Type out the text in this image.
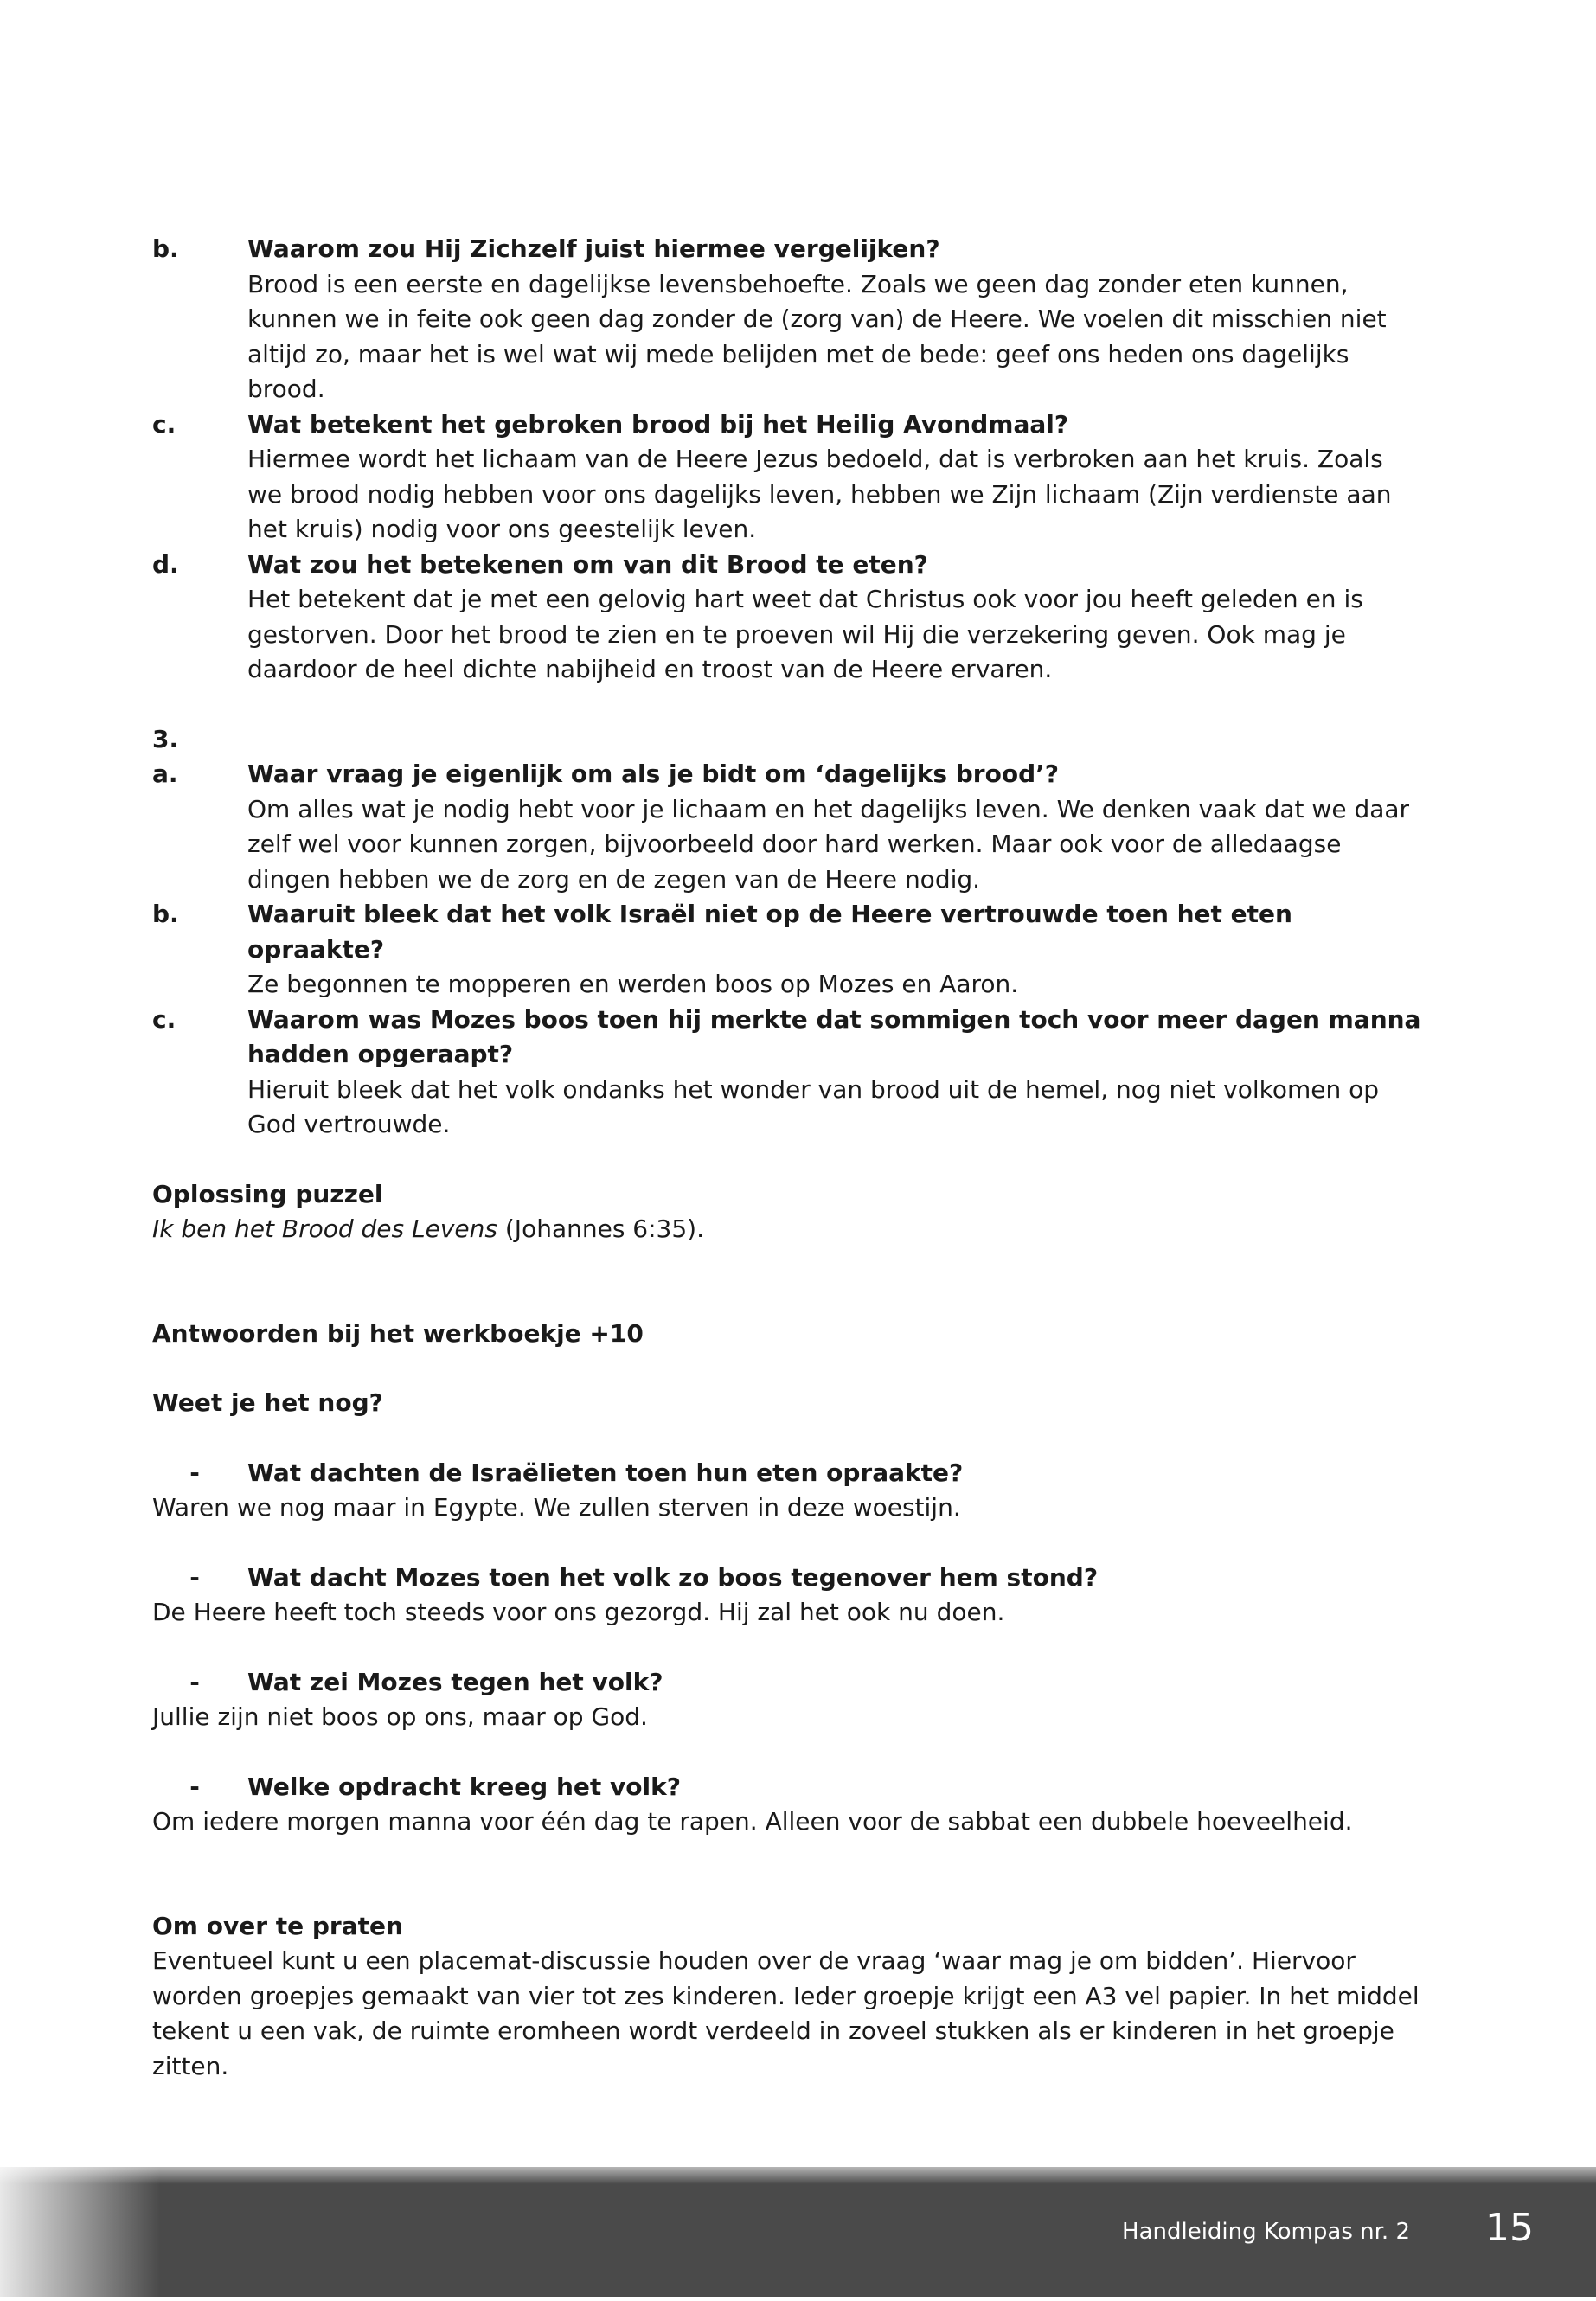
b.	Waarom zou Hij Zichzelf juist hiermee vergelijken?
Brood is een eerste en dagelijkse levensbehoefte. Zoals we geen dag zonder eten kunnen, kunnen we in feite ook geen dag zonder de (zorg van) de Heere. We voelen dit misschien niet altijd zo, maar het is wel wat wij mede belijden met de bede: geef ons heden ons dagelijks brood.
c.	Wat betekent het gebroken brood bij het Heilig Avondmaal?
Hiermee wordt het lichaam van de Heere Jezus bedoeld, dat is verbroken aan het kruis. Zoals we brood nodig hebben voor ons dagelijks leven, hebben we Zijn lichaam (Zijn verdienste aan het kruis) nodig voor ons geestelijk leven.
d.	Wat zou het betekenen om van dit Brood te eten?
Het betekent dat je met een gelovig hart weet dat Christus ook voor jou heeft geleden en is gestorven. Door het brood te zien en te proeven wil Hij die verzekering geven. Ook mag je daardoor de heel dichte nabijheid en troost van de Heere ervaren.
3.
a.	Waar vraag je eigenlijk om als je bidt om ‘dagelijks brood’?
Om alles wat je nodig hebt voor je lichaam en het dagelijks leven. We denken vaak dat we daar zelf wel voor kunnen zorgen, bijvoorbeeld door hard werken. Maar ook voor de alledaagse dingen hebben we de zorg en de zegen van de Heere nodig.
b.	Waaruit bleek dat het volk Israël niet op de Heere vertrouwde toen het eten opraakte?
Ze begonnen te mopperen en werden boos op Mozes en Aaron.
c.	Waarom was Mozes boos toen hij merkte dat sommigen toch voor meer dagen manna hadden opgeraapt?
Hieruit bleek dat het volk ondanks het wonder van brood uit de hemel, nog niet volkomen op God vertrouwde.
Oplossing puzzel
Ik ben het Brood des Levens (Johannes 6:35).
Antwoorden bij het werkboekje +10
Weet je het nog?
-	Wat dachten de Israëlieten toen hun eten opraakte?
Waren we nog maar in Egypte. We zullen sterven in deze woestijn.
-	Wat dacht Mozes toen het volk zo boos tegenover hem stond?
De Heere heeft toch steeds voor ons gezorgd. Hij zal het ook nu doen.
-	Wat zei Mozes tegen het volk?
Jullie zijn niet boos op ons, maar op God.
-	Welke opdracht kreeg het volk?
Om iedere morgen manna voor één dag te rapen. Alleen voor de sabbat een dubbele hoeveelheid.
Om over te praten
Eventueel kunt u een placemat-discussie houden over de vraag ‘waar mag je om bidden’. Hiervoor worden groepjes gemaakt van vier tot zes kinderen. Ieder groepje krijgt een A3 vel papier. In het middel tekent u een vak, de ruimte eromheen wordt verdeeld in zoveel stukken als er kinderen in het groepje zitten.
Handleiding Kompas nr. 2 15
